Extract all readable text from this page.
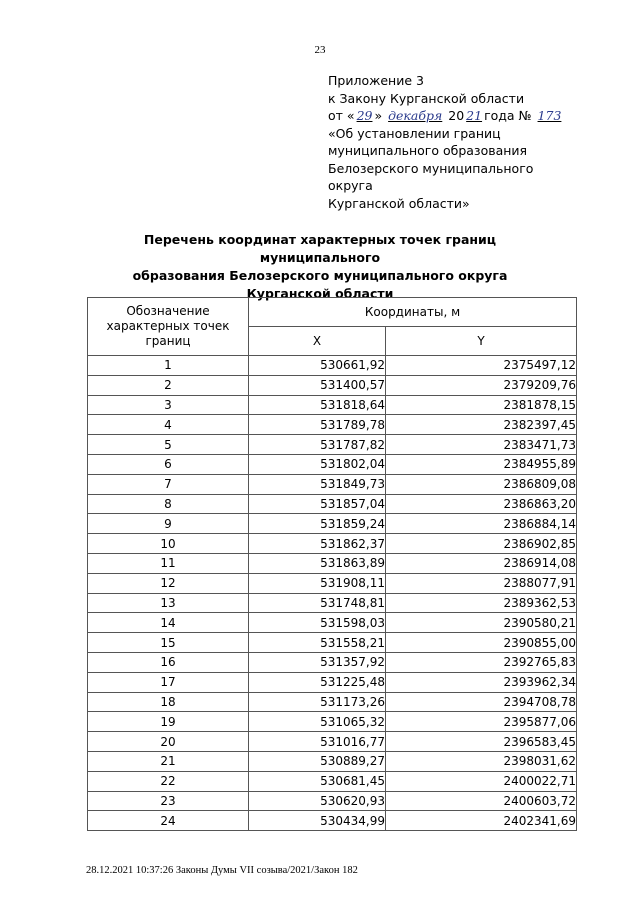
23
Приложение 3
к Закону Курганской области
от « 29 » декабря 20 21 года № 173
«Об установлении границ
муниципального образования
Белозерского муниципального округа
Курганской области»
Перечень координат характерных точек границ муниципального
образования Белозерского муниципального округа
Курганской области
Обозначение характерных точек границ	Координаты, м	
	X	Y
1	530661,92	2375497,12
2	531400,57	2379209,76
3	531818,64	2381878,15
4	531789,78	2382397,45
5	531787,82	2383471,73
6	531802,04	2384955,89
7	531849,73	2386809,08
8	531857,04	2386863,20
9	531859,24	2386884,14
10	531862,37	2386902,85
11	531863,89	2386914,08
12	531908,11	2388077,91
13	531748,81	2389362,53
14	531598,03	2390580,21
15	531558,21	2390855,00
16	531357,92	2392765,83
17	531225,48	2393962,34
18	531173,26	2394708,78
19	531065,32	2395877,06
20	531016,77	2396583,45
21	530889,27	2398031,62
22	530681,45	2400022,71
23	530620,93	2400603,72
24	530434,99	2402341,69
28.12.2021 10:37:26 Законы Думы VII созыва/2021/Закон 182
